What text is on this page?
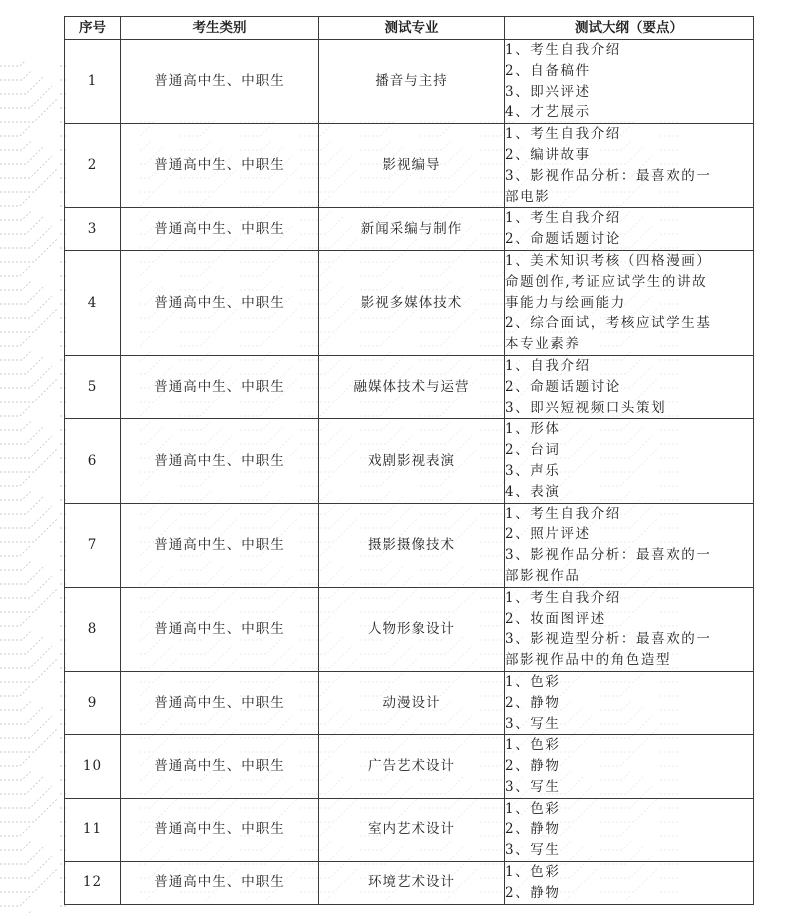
序号	考生类别	测试专业	测试大纲（要点）
1	普通高中生、中职生	播音与主持	1、考生自我介绍
2、自备稿件
3、即兴评述
4、才艺展示

2	普通高中生、中职生	影视编导	1、考生自我介绍
2、编讲故事
3、影视作品分析：最喜欢的一
部电影

3	普通高中生、中职生	新闻采编与制作	1、考生自我介绍
2、命题话题讨论

4	普通高中生、中职生	影视多媒体技术	1、美术知识考核（四格漫画）
命题创作,考证应试学生的讲故
事能力与绘画能力
2、综合面试，考核应试学生基
本专业素养

5	普通高中生、中职生	融媒体技术与运营	1、自我介绍
2、命题话题讨论
3、即兴短视频口头策划

6	普通高中生、中职生	戏剧影视表演	1、形体
2、台词
3、声乐
4、表演

7	普通高中生、中职生	摄影摄像技术	1、考生自我介绍
2、照片评述
3、影视作品分析：最喜欢的一
部影视作品

8	普通高中生、中职生	人物形象设计	1、考生自我介绍
2、妆面图评述
3、影视造型分析：最喜欢的一
部影视作品中的角色造型

9	普通高中生、中职生	动漫设计	1、色彩
2、静物
3、写生

10	普通高中生、中职生	广告艺术设计	1、色彩
2、静物
3、写生

11	普通高中生、中职生	室内艺术设计	1、色彩
2、静物
3、写生

12	普通高中生、中职生	环境艺术设计	1、色彩
2、静物
